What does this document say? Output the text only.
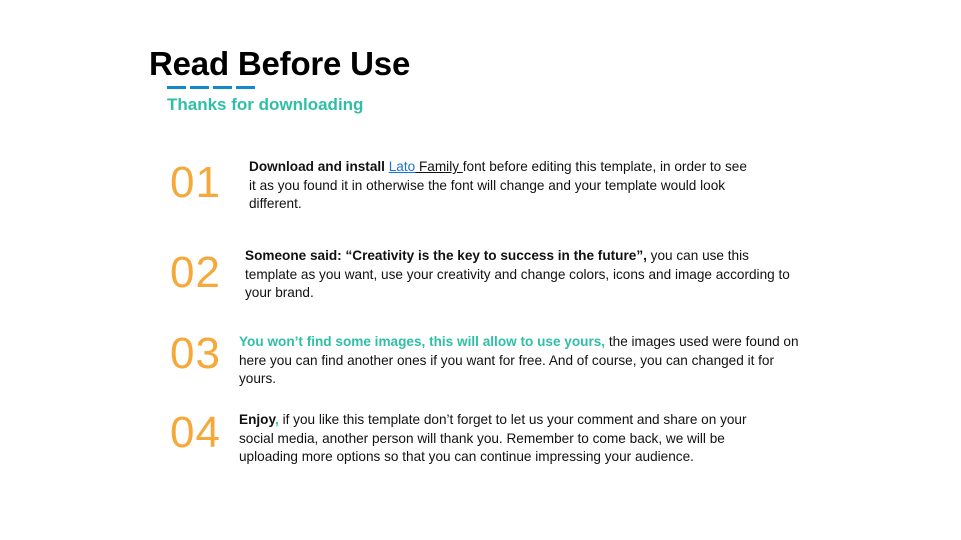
Read Before Use
Thanks for downloading
01 Download and install Lato Family font before editing this template, in order to see it as you found it in otherwise the font will change and your template would look different.
02 Someone said: “Creativity is the key to success in the future”, you can use this template as you want, use your creativity and change colors, icons and image according to your brand.
03 You won’t find some images, this will allow to use yours, the images used were found on here you can find another ones if you want for free. And of course, you can changed it for yours.
04 Enjoy, if you like this template don’t forget to let us your comment and share on your social media, another person will thank you. Remember to come back, we will be uploading more options so that you can continue impressing your audience.
